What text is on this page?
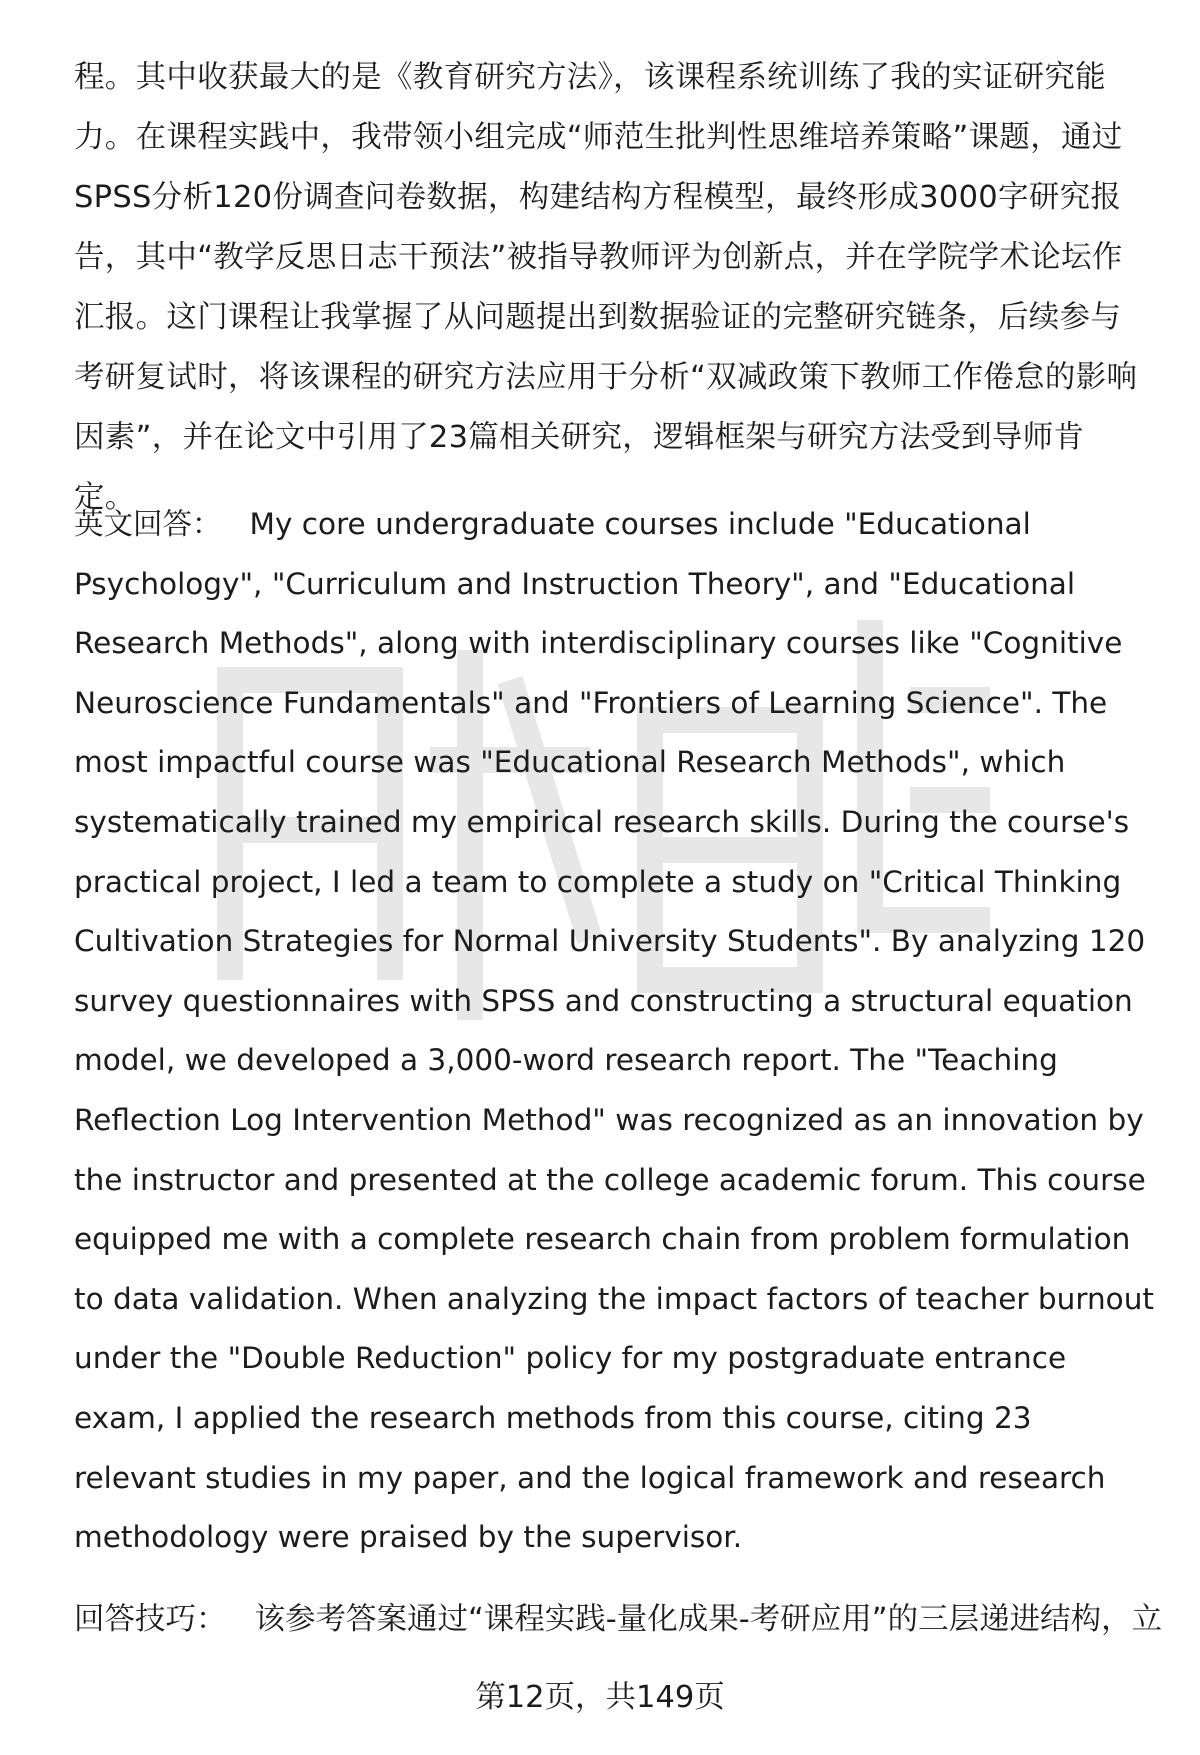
程。其中收获最大的是《教育研究方法》，该课程系统训练了我的实证研究能力。在课程实践中，我带领小组完成“师范生批判性思维培养策略”课题，通过SPSS分析120份调查问卷数据，构建结构方程模型，最终形成3000字研究报告，其中“教学反思日志干预法”被指导教师评为创新点，并在学院学术论坛作汇报。这门课程让我掌握了从问题提出到数据验证的完整研究链条，后续参与考研复试时，将该课程的研究方法应用于分析“双减政策下教师工作倦怠的影响因素”，并在论文中引用了23篇相关研究，逻辑框架与研究方法受到导师肯定。

英文回答： My core undergraduate courses include "Educational Psychology", "Curriculum and Instruction Theory", and "Educational Research Methods", along with interdisciplinary courses like "Cognitive Neuroscience Fundamentals" and "Frontiers of Learning Science". The most impactful course was "Educational Research Methods", which systematically trained my empirical research skills. During the course's practical project, I led a team to complete a study on "Critical Thinking Cultivation Strategies for Normal University Students". By analyzing 120 survey questionnaires with SPSS and constructing a structural equation model, we developed a 3,000-word research report. The "Teaching Reflection Log Intervention Method" was recognized as an innovation by the instructor and presented at the college academic forum. This course equipped me with a complete research chain from problem formulation to data validation. When analyzing the impact factors of teacher burnout under the "Double Reduction" policy for my postgraduate entrance exam, I applied the research methods from this course, citing 23 relevant studies in my paper, and the logical framework and research methodology were praised by the supervisor.

回答技巧： 该参考答案通过“课程实践-量化成果-考研应用”的三层递进结构，立

第12页，共149页
